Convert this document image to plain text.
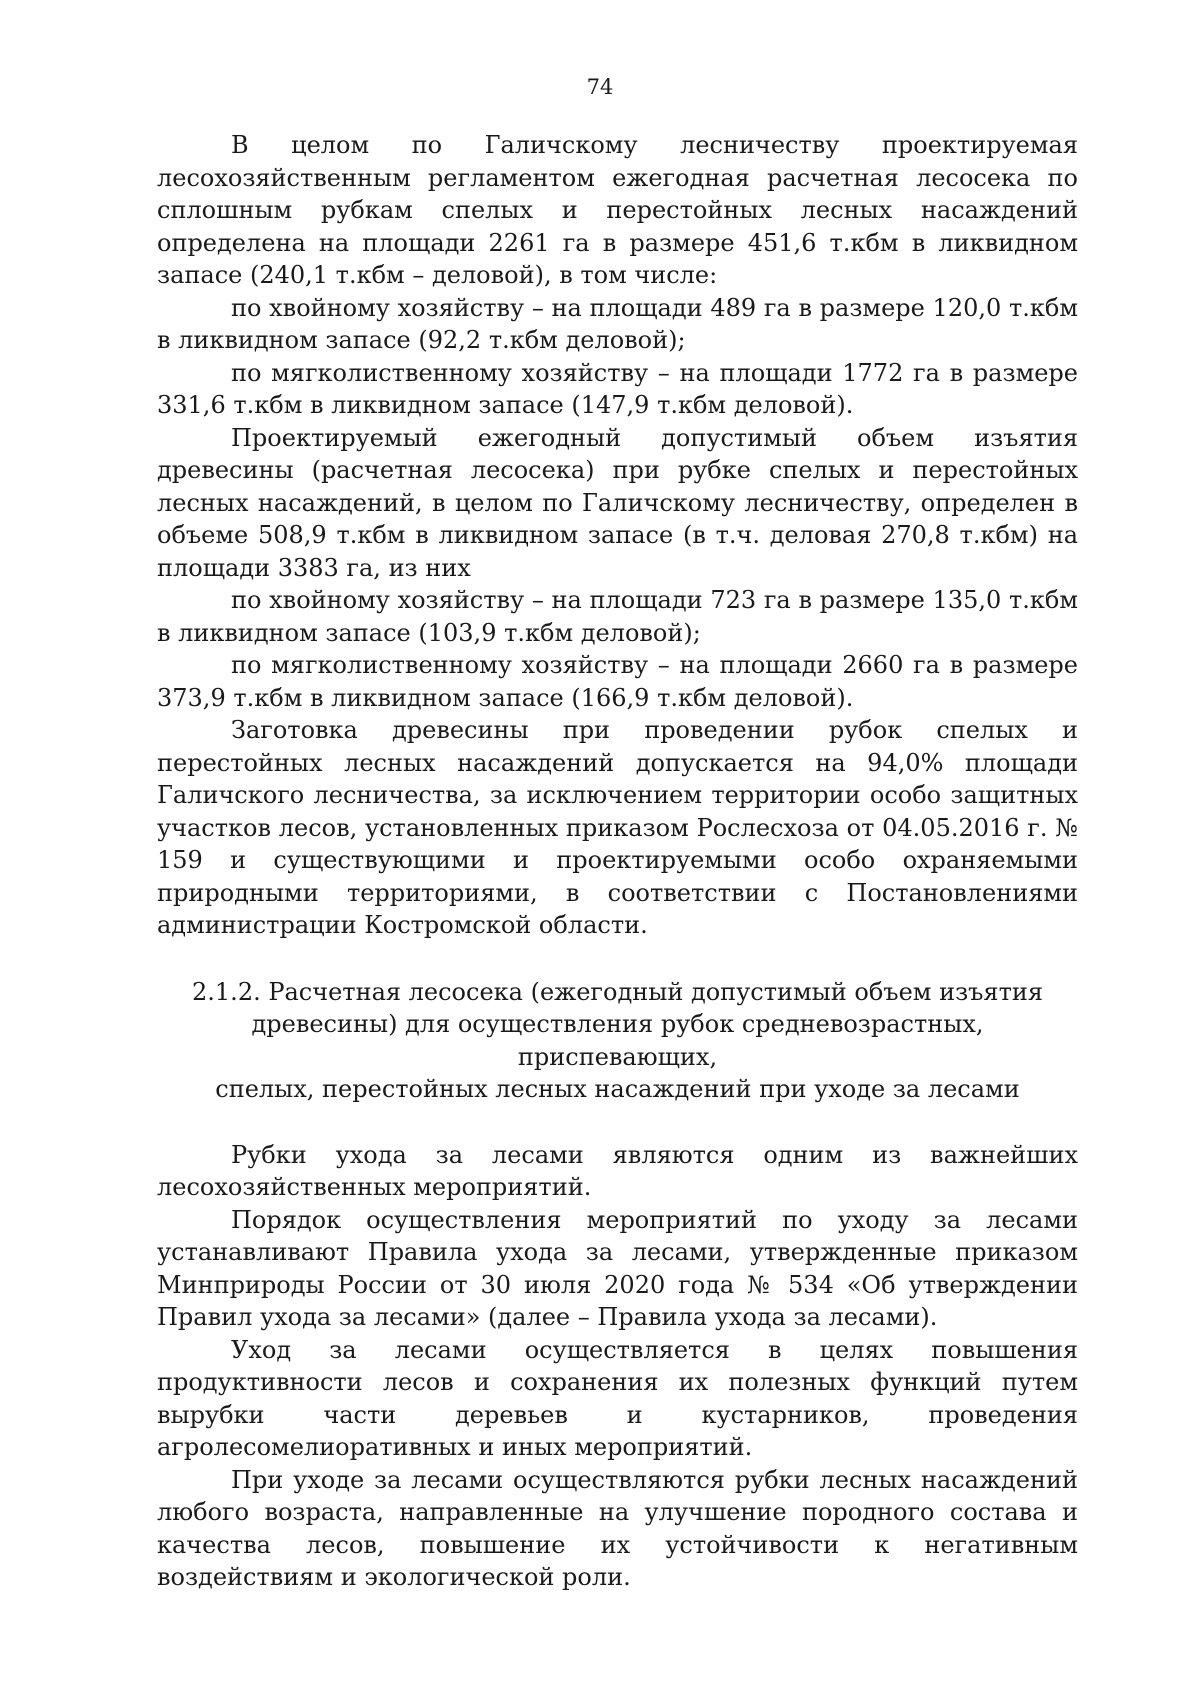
74

В целом по Галичскому лесничеству проектируемая лесохозяйственным регламентом ежегодная расчетная лесосека по сплошным рубкам спелых и перестойных лесных насаждений определена на площади 2261 га в размере 451,6 т.кбм в ликвидном запасе (240,1 т.кбм – деловой), в том числе:

по хвойному хозяйству – на площади 489 га в размере 120,0 т.кбм в ликвидном запасе (92,2 т.кбм деловой);

по мягколиственному хозяйству – на площади 1772 га в размере 331,6 т.кбм в ликвидном запасе (147,9 т.кбм деловой).

Проектируемый ежегодный допустимый объем изъятия древесины (расчетная лесосека) при рубке спелых и перестойных лесных насаждений, в целом по Галичскому лесничеству, определен в объеме 508,9 т.кбм в ликвидном запасе (в т.ч. деловая 270,8 т.кбм) на площади 3383 га, из них

по хвойному хозяйству – на площади 723 га в размере 135,0 т.кбм в ликвидном запасе (103,9 т.кбм деловой);

по мягколиственному хозяйству – на площади 2660 га в размере 373,9 т.кбм в ликвидном запасе (166,9 т.кбм деловой).

Заготовка древесины при проведении рубок спелых и перестойных лесных насаждений допускается на 94,0% площади Галичского лесничества, за исключением территории особо защитных участков лесов, установленных приказом Рослесхоза от 04.05.2016 г. № 159 и существующими и проектируемыми особо охраняемыми природными территориями, в соответствии с Постановлениями администрации Костромской области.

2.1.2. Расчетная лесосека (ежегодный допустимый объем изъятия
древесины) для осуществления рубок средневозрастных, приспевающих,
спелых, перестойных лесных насаждений при уходе за лесами

Рубки ухода за лесами являются одним из важнейших лесохозяйственных мероприятий.

Порядок осуществления мероприятий по уходу за лесами устанавливают Правила ухода за лесами, утвержденные приказом Минприроды России от 30 июля 2020 года № 534 «Об утверждении Правил ухода за лесами» (далее – Правила ухода за лесами).

Уход за лесами осуществляется в целях повышения продуктивности лесов и сохранения их полезных функций путем вырубки части деревьев и кустарников, проведения агролесомелиоративных и иных мероприятий.

При уходе за лесами осуществляются рубки лесных насаждений любого возраста, направленные на улучшение породного состава и качества лесов, повышение их устойчивости к негативным воздействиям и экологической роли.
